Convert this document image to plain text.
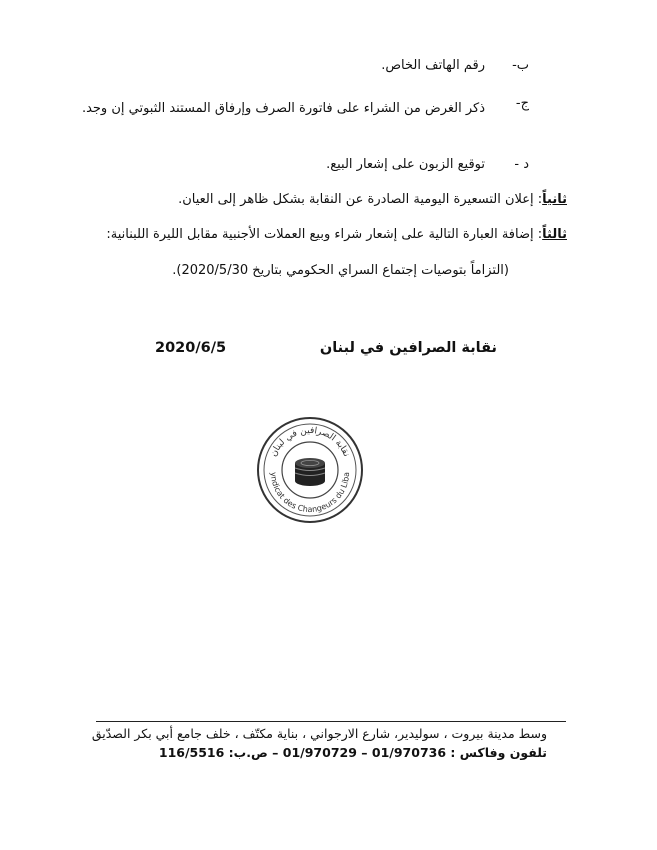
ب-
رقم الهاتف الخاص.
ج-
ذكر الغرض من الشراء على فاتورة الصرف وإرفاق المستند الثبوتي إن وجد.
د -
توقيع الزبون على إشعار البيع.
ثانياً: إعلان التسعيرة اليومية الصادرة عن النقابة بشكل ظاهر إلى العيان.
ثالثاً: إضافة العبارة التالية على إشعار شراء وبيع العملات الأجنبية مقابل الليرة اللبنانية:
(التزاماً بتوصيات إجتماع السراي الحكومي بتاريخ 2020/5/30).
نقابة الصرافين في لبنان
2020/6/5
نقابة الصرافين في لبنان
yndicat des Changeurs du Liba
وسط مدينة بيروت ، سوليدير، شارع الارجواني ، بناية مكتّف ، خلف جامع أبي بكر الصدّيق
تلفون وفاكس : 01/970736 – 01/970729 – ص.ب: 116/5516
